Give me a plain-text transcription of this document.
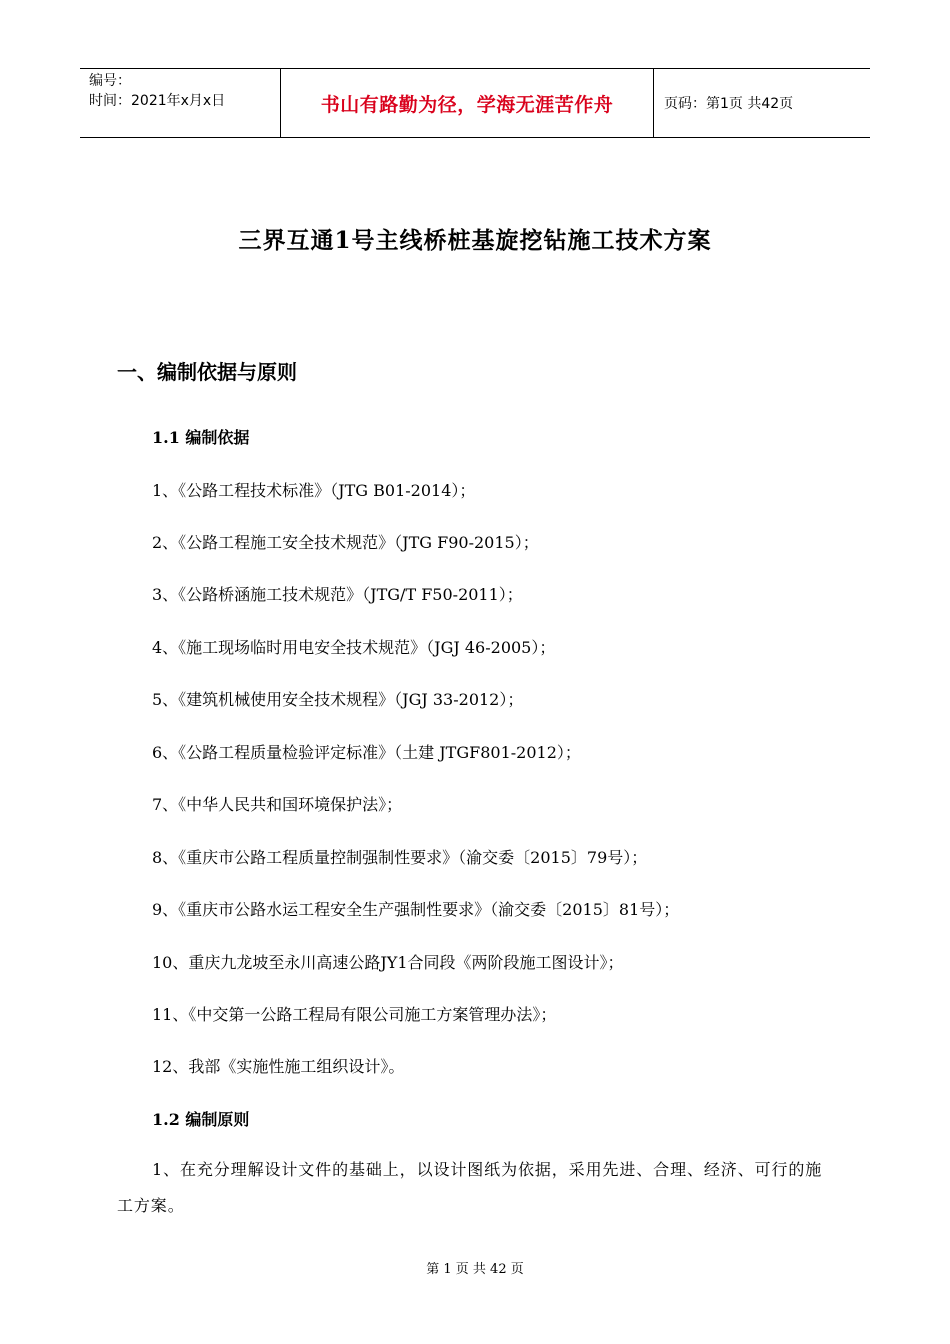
编号：
时间：2021年x月x日	书山有路勤为径，学海无涯苦作舟	页码：第1页 共42页
三界互通1号主线桥桩基旋挖钻施工技术方案
一、编制依据与原则
1.1 编制依据
1、《公路工程技术标准》（JTG B01-2014）；
2、《公路工程施工安全技术规范》（JTG F90-2015）；
3、《公路桥涵施工技术规范》（JTG/T F50-2011）；
4、《施工现场临时用电安全技术规范》（JGJ 46-2005）；
5、《建筑机械使用安全技术规程》（JGJ 33-2012）；
6、《公路工程质量检验评定标准》（土建 JTGF801-2012）；
7、《中华人民共和国环境保护法》；
8、《重庆市公路工程质量控制强制性要求》（渝交委〔2015〕79号）；
9、《重庆市公路水运工程安全生产强制性要求》（渝交委〔2015〕81号）；
10、重庆九龙坡至永川高速公路JY1合同段《两阶段施工图设计》；
11、《中交第一公路工程局有限公司施工方案管理办法》；
12、我部《实施性施工组织设计》。
1.2 编制原则
1、在充分理解设计文件的基础上，以设计图纸为依据，采用先进、合理、经济、可行的施工方案。
第 1 页 共 42 页
